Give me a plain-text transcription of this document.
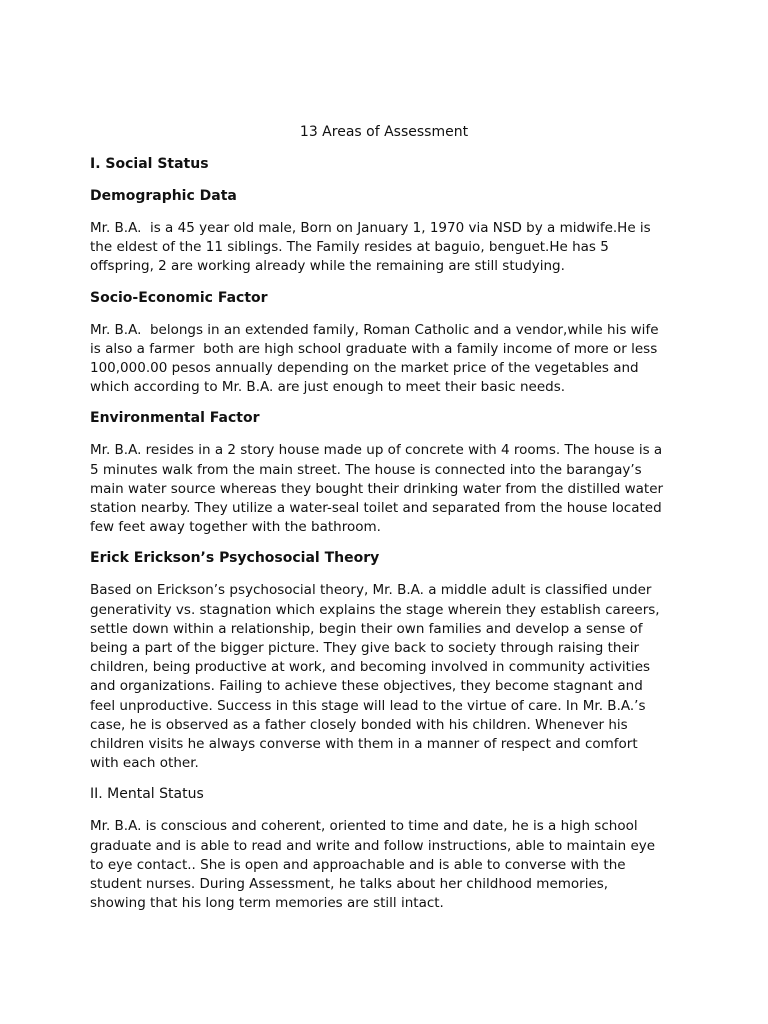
13 Areas of Assessment

I. Social Status

Demographic Data

Mr. B.A.  is a 45 year old male, Born on January 1, 1970 via NSD by a midwife.He is

the eldest of the 11 siblings. The Family resides at baguio, benguet.He has 5

offspring, 2 are working already while the remaining are still studying.

Socio-Economic Factor

Mr. B.A.  belongs in an extended family, Roman Catholic and a vendor,while his wife

is also a farmer  both are high school graduate with a family income of more or less

100,000.00 pesos annually depending on the market price of the vegetables and

which according to Mr. B.A. are just enough to meet their basic needs.

Environmental Factor

Mr. B.A. resides in a 2 story house made up of concrete with 4 rooms. The house is a

5 minutes walk from the main street. The house is connected into the barangay’s

main water source whereas they bought their drinking water from the distilled water

station nearby. They utilize a water-seal toilet and separated from the house located

few feet away together with the bathroom.

Erick Erickson’s Psychosocial Theory

Based on Erickson’s psychosocial theory, Mr. B.A. a middle adult is classified under

generativity vs. stagnation which explains the stage wherein they establish careers,

settle down within a relationship, begin their own families and develop a sense of

being a part of the bigger picture. They give back to society through raising their

children, being productive at work, and becoming involved in community activities

and organizations. Failing to achieve these objectives, they become stagnant and

feel unproductive. Success in this stage will lead to the virtue of care. In Mr. B.A.’s

case, he is observed as a father closely bonded with his children. Whenever his

children visits he always converse with them in a manner of respect and comfort

with each other.

II. Mental Status

Mr. B.A. is conscious and coherent, oriented to time and date, he is a high school

graduate and is able to read and write and follow instructions, able to maintain eye

to eye contact.. She is open and approachable and is able to converse with the

student nurses. During Assessment, he talks about her childhood memories,

showing that his long term memories are still intact.
